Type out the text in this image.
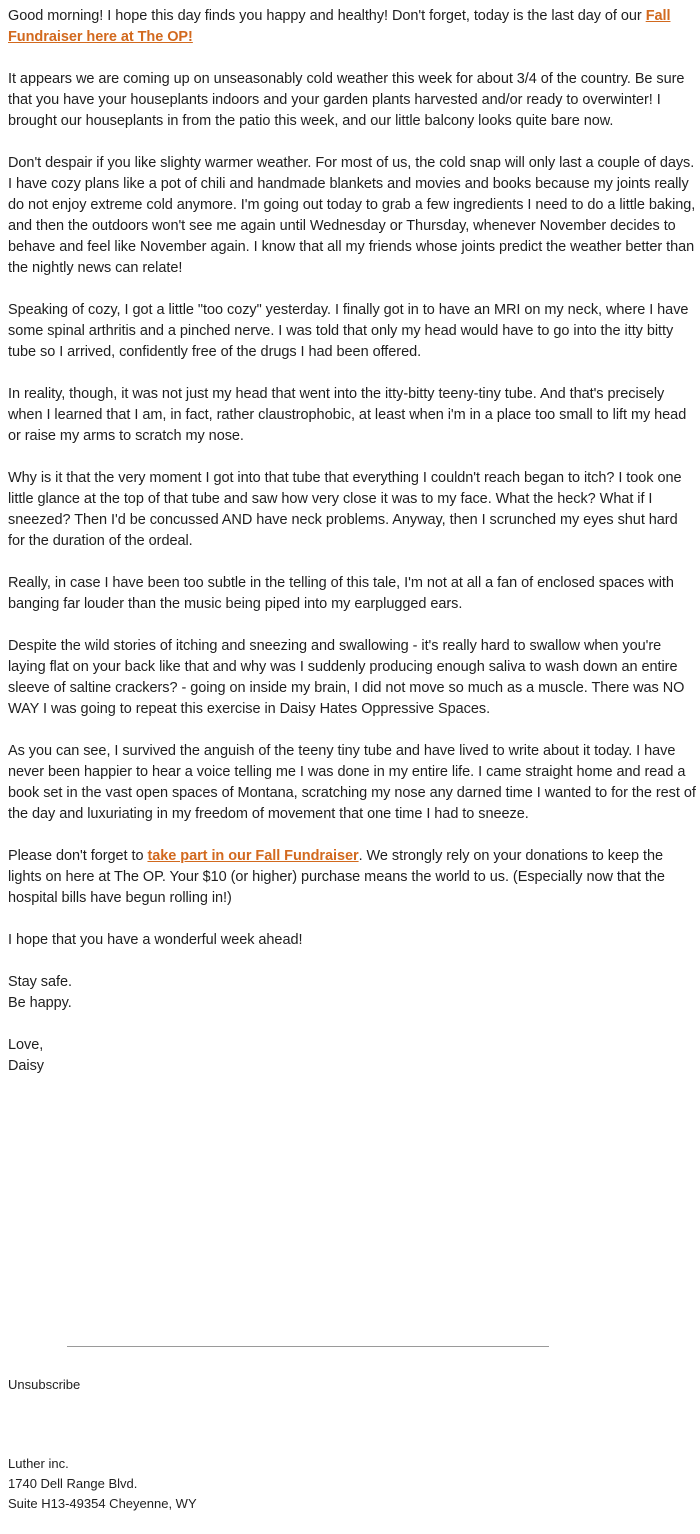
Good morning! I hope this day finds you happy and healthy! Don't forget, today is the last day of our Fall Fundraiser here at The OP!

It appears we are coming up on unseasonably cold weather this week for about 3/4 of the country. Be sure that you have your houseplants indoors and your garden plants harvested and/or ready to overwinter! I brought our houseplants in from the patio this week, and our little balcony looks quite bare now.

Don't despair if you like slighty warmer weather. For most of us, the cold snap will only last a couple of days. I have cozy plans like a pot of chili and handmade blankets and movies and books because my joints really do not enjoy extreme cold anymore. I'm going out today to grab a few ingredients I need to do a little baking, and then the outdoors won't see me again until Wednesday or Thursday, whenever November decides to behave and feel like November again. I know that all my friends whose joints predict the weather better than the nightly news can relate!

Speaking of cozy, I got a little "too cozy" yesterday. I finally got in to have an MRI on my neck, where I have some spinal arthritis and a pinched nerve. I was told that only my head would have to go into the itty bitty tube so I arrived, confidently free of the drugs I had been offered.

In reality, though, it was not just my head that went into the itty-bitty teeny-tiny tube. And that's precisely when I learned that I am, in fact, rather claustrophobic, at least when i'm in a place too small to lift my head or raise my arms to scratch my nose.

Why is it that the very moment I got into that tube that everything I couldn't reach began to itch? I took one little glance at the top of that tube and saw how very close it was to my face. What the heck? What if I sneezed? Then I'd be concussed AND have neck problems. Anyway, then I scrunched my eyes shut hard for the duration of the ordeal.

Really, in case I have been too subtle in the telling of this tale, I'm not at all a fan of enclosed spaces with banging far louder than the music being piped into my earplugged ears.

Despite the wild stories of itching and sneezing and swallowing - it's really hard to swallow when you're laying flat on your back like that and why was I suddenly producing enough saliva to wash down an entire sleeve of saltine crackers? - going on inside my brain, I did not move so much as a muscle. There was NO WAY I was going to repeat this exercise in Daisy Hates Oppressive Spaces.

As you can see, I survived the anguish of the teeny tiny tube and have lived to write about it today. I have never been happier to hear a voice telling me I was done in my entire life. I came straight home and read a book set in the vast open spaces of Montana, scratching my nose any darned time I wanted to for the rest of the day and luxuriating in my freedom of movement that one time I had to sneeze.

Please don't forget to take part in our Fall Fundraiser. We strongly rely on your donations to keep the lights on here at The OP. Your $10 (or higher) purchase means the world to us. (Especially now that the hospital bills have begun rolling in!)

I hope that you have a wonderful week ahead!

Stay safe.
Be happy.

Love,
Daisy

Unsubscribe
Luther inc.
1740 Dell Range Blvd.
Suite H13-49354 Cheyenne, WY
